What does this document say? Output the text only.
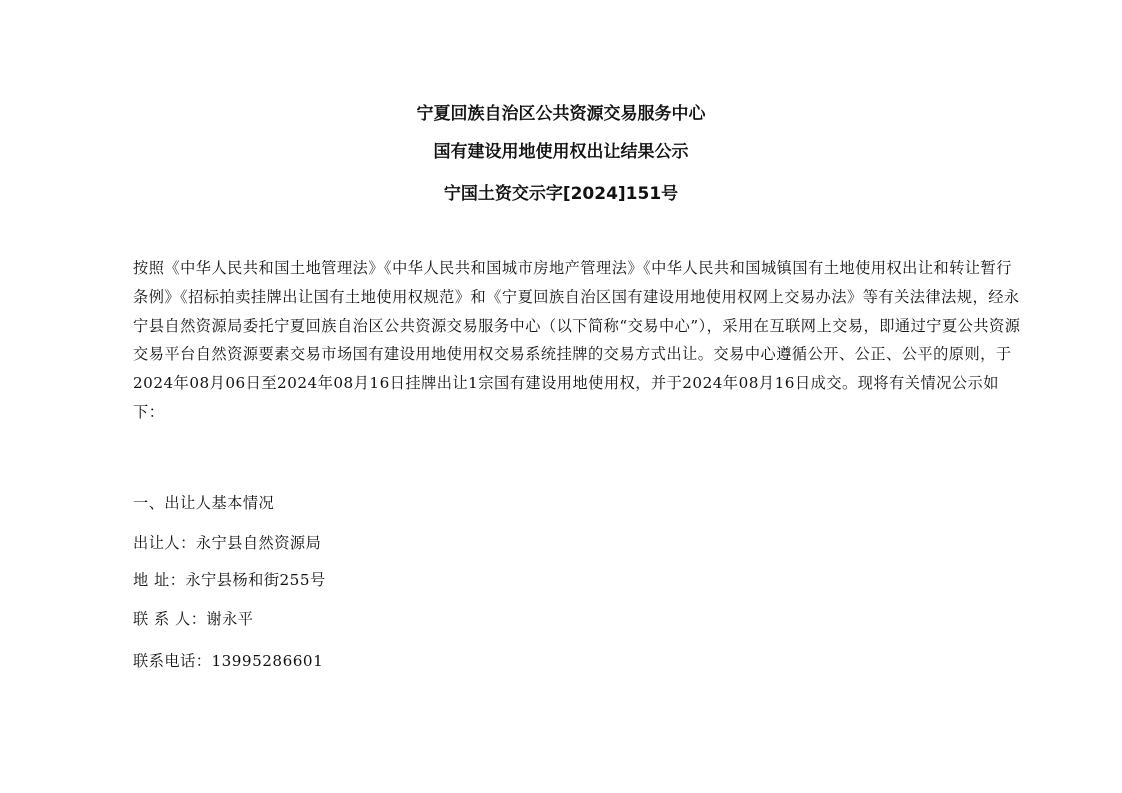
宁夏回族自治区公共资源交易服务中心
国有建设用地使用权出让结果公示
宁国土资交示字[2024]151号
按照《中华人民共和国土地管理法》《中华人民共和国城市房地产管理法》《中华人民共和国城镇国有土地使用权出让和转让暂行条例》《招标拍卖挂牌出让国有土地使用权规范》和《宁夏回族自治区国有建设用地使用权网上交易办法》等有关法律法规，经永宁县自然资源局委托宁夏回族自治区公共资源交易服务中心（以下简称“交易中心”），采用在互联网上交易，即通过宁夏公共资源交易平台自然资源要素交易市场国有建设用地使用权交易系统挂牌的交易方式出让。交易中心遵循公开、公正、公平的原则，于2024年08月06日至2024年08月16日挂牌出让1宗国有建设用地使用权，并于2024年08月16日成交。现将有关情况公示如下：
一、出让人基本情况
出让人：永宁县自然资源局
地 址：永宁县杨和街255号
联 系 人：谢永平
联系电话：13995286601
